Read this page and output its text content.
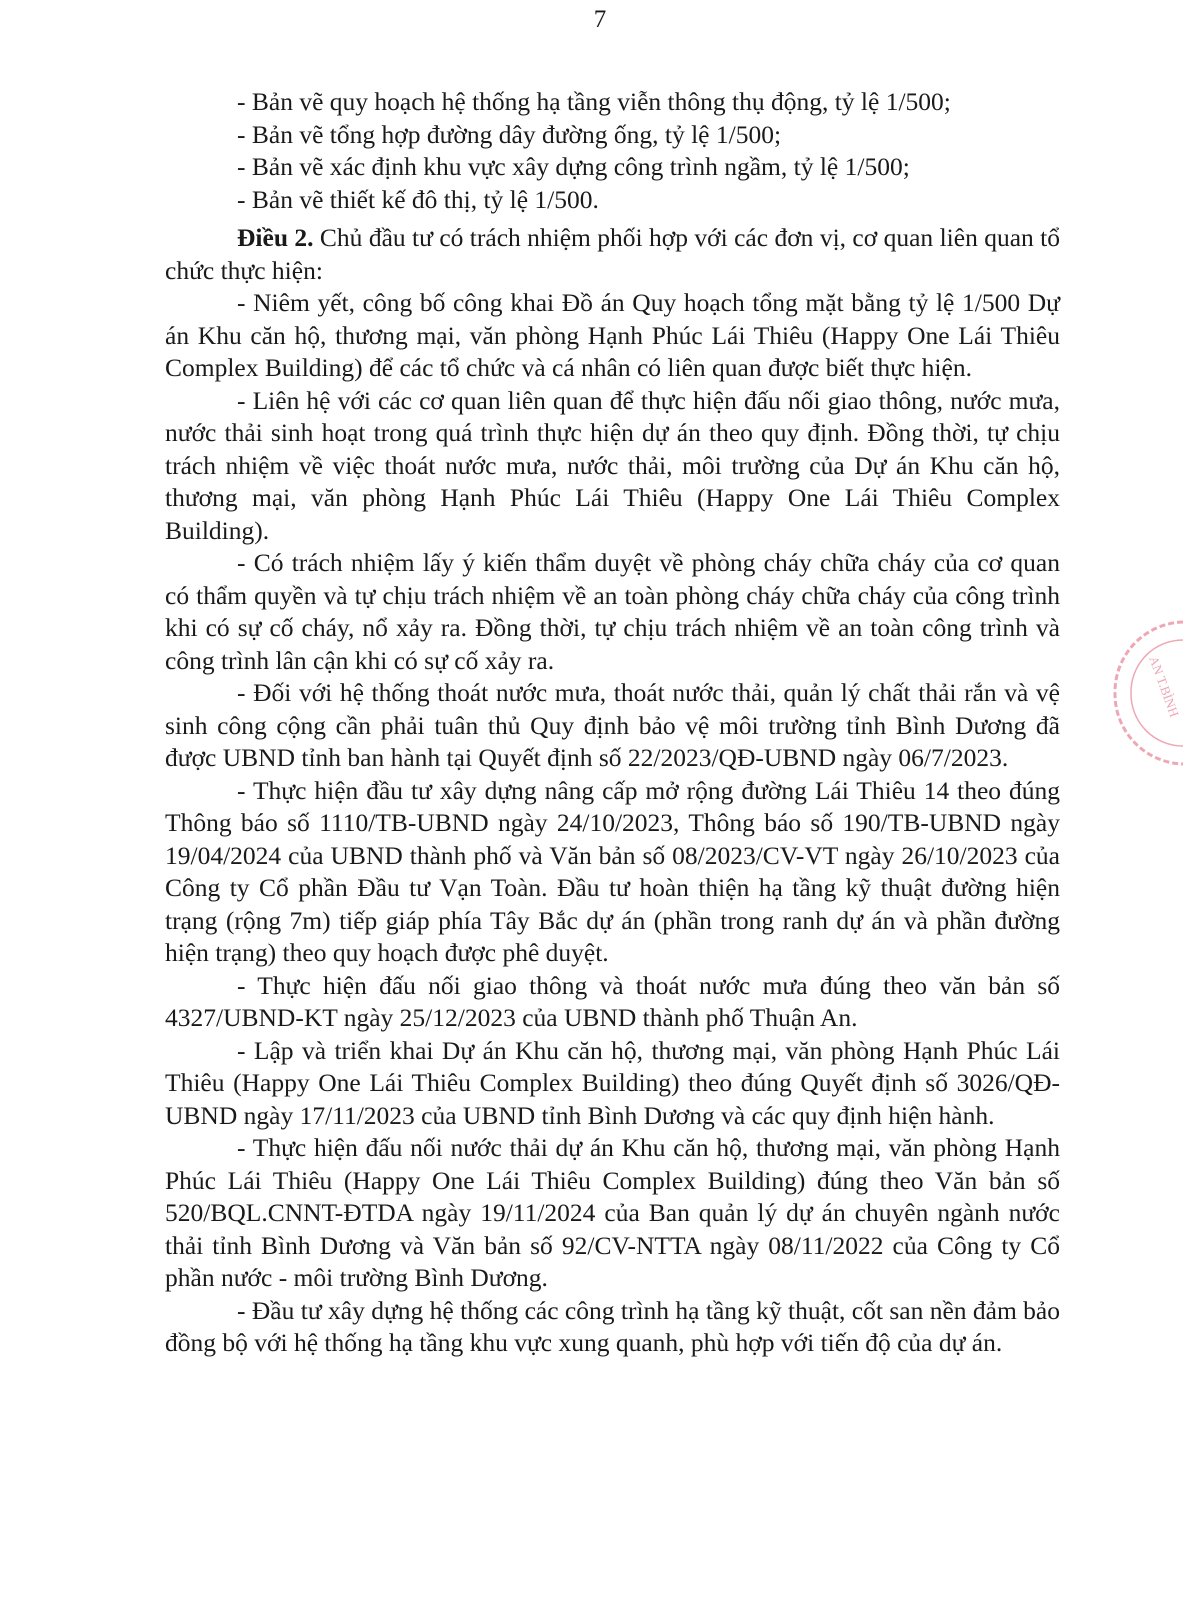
7
- Bản vẽ quy hoạch hệ thống hạ tầng viễn thông thụ động, tỷ lệ 1/500;
- Bản vẽ tổng hợp đường dây đường ống, tỷ lệ 1/500;
- Bản vẽ xác định khu vực xây dựng công trình ngầm, tỷ lệ 1/500;
- Bản vẽ thiết kế đô thị, tỷ lệ 1/500.

Điều 2. Chủ đầu tư có trách nhiệm phối hợp với các đơn vị, cơ quan liên quan tổ chức thực hiện:

- Niêm yết, công bố công khai Đồ án Quy hoạch tổng mặt bằng tỷ lệ 1/500 Dự án Khu căn hộ, thương mại, văn phòng Hạnh Phúc Lái Thiêu (Happy One Lái Thiêu Complex Building) để các tổ chức và cá nhân có liên quan được biết thực hiện.

- Liên hệ với các cơ quan liên quan để thực hiện đấu nối giao thông, nước mưa, nước thải sinh hoạt trong quá trình thực hiện dự án theo quy định. Đồng thời, tự chịu trách nhiệm về việc thoát nước mưa, nước thải, môi trường của Dự án Khu căn hộ, thương mại, văn phòng Hạnh Phúc Lái Thiêu (Happy One Lái Thiêu Complex Building).

- Có trách nhiệm lấy ý kiến thẩm duyệt về phòng cháy chữa cháy của cơ quan có thẩm quyền và tự chịu trách nhiệm về an toàn phòng cháy chữa cháy của công trình khi có sự cố cháy, nổ xảy ra. Đồng thời, tự chịu trách nhiệm về an toàn công trình và công trình lân cận khi có sự cố xảy ra.

- Đối với hệ thống thoát nước mưa, thoát nước thải, quản lý chất thải rắn và vệ sinh công cộng cần phải tuân thủ Quy định bảo vệ môi trường tỉnh Bình Dương đã được UBND tỉnh ban hành tại Quyết định số 22/2023/QĐ-UBND ngày 06/7/2023.

- Thực hiện đầu tư xây dựng nâng cấp mở rộng đường Lái Thiêu 14 theo đúng Thông báo số 1110/TB-UBND ngày 24/10/2023, Thông báo số 190/TB-UBND ngày 19/04/2024 của UBND thành phố và Văn bản số 08/2023/CV-VT ngày 26/10/2023 của Công ty Cổ phần Đầu tư Vạn Toàn. Đầu tư hoàn thiện hạ tầng kỹ thuật đường hiện trạng (rộng 7m) tiếp giáp phía Tây Bắc dự án (phần trong ranh dự án và phần đường hiện trạng) theo quy hoạch được phê duyệt.

- Thực hiện đấu nối giao thông và thoát nước mưa đúng theo văn bản số 4327/UBND-KT ngày 25/12/2023 của UBND thành phố Thuận An.

- Lập và triển khai Dự án Khu căn hộ, thương mại, văn phòng Hạnh Phúc Lái Thiêu (Happy One Lái Thiêu Complex Building) theo đúng Quyết định số 3026/QĐ-UBND ngày 17/11/2023 của UBND tỉnh Bình Dương và các quy định hiện hành.

- Thực hiện đấu nối nước thải dự án Khu căn hộ, thương mại, văn phòng Hạnh Phúc Lái Thiêu (Happy One Lái Thiêu Complex Building) đúng theo Văn bản số 520/BQL.CNNT-ĐTDA ngày 19/11/2024 của Ban quản lý dự án chuyên ngành nước thải tỉnh Bình Dương và Văn bản số 92/CV-NTTA ngày 08/11/2022 của Công ty Cổ phần nước - môi trường Bình Dương.

- Đầu tư xây dựng hệ thống các công trình hạ tầng kỹ thuật, cốt san nền đảm bảo đồng bộ với hệ thống hạ tầng khu vực xung quanh, phù hợp với tiến độ của dự án.

AN T.BÌNH
